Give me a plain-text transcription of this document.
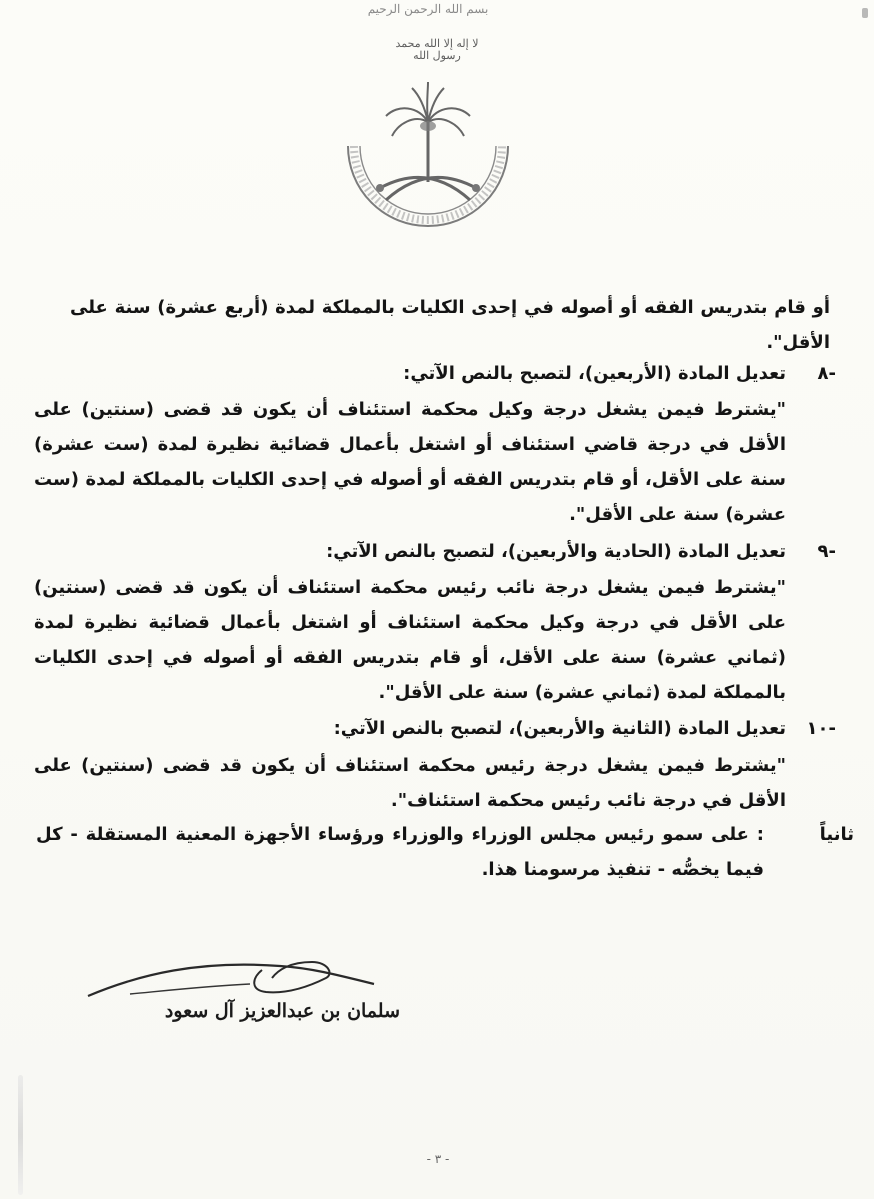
بسم الله الرحمن الرحيم
لا إله إلا الله محمد رسول الله
أو قام بتدريس الفقه أو أصوله في إحدى الكليات بالمملكة لمدة (أربع عشرة) سنة على الأقل".
-٨
تعديل المادة (الأربعين)، لتصبح بالنص الآتي:
"يشترط فيمن يشغل درجة وكيل محكمة استئناف أن يكون قد قضى (سنتين) على الأقل في درجة قاضي استئناف أو اشتغل بأعمال قضائية نظيرة لمدة (ست عشرة) سنة على الأقل، أو قام بتدريس الفقه أو أصوله في إحدى الكليات بالمملكة لمدة (ست عشرة) سنة على الأقل".
-٩
تعديل المادة (الحادية والأربعين)، لتصبح بالنص الآتي:
"يشترط فيمن يشغل درجة نائب رئيس محكمة استئناف أن يكون قد قضى (سنتين) على الأقل في درجة وكيل محكمة استئناف أو اشتغل بأعمال قضائية نظيرة لمدة (ثماني عشرة) سنة على الأقل، أو قام بتدريس الفقه أو أصوله في إحدى الكليات بالمملكة لمدة (ثماني عشرة) سنة على الأقل".
-١٠
تعديل المادة (الثانية والأربعين)، لتصبح بالنص الآتي:
"يشترط فيمن يشغل درجة رئيس محكمة استئناف أن يكون قد قضى (سنتين) على الأقل في درجة نائب رئيس محكمة استئناف".
ثانياً
: على سمو رئيس مجلس الوزراء والوزراء ورؤساء الأجهزة المعنية المستقلة - كل فيما يخصُّه - تنفيذ مرسومنا هذا.
سلمان بن عبدالعزيز آل سعود
- ٣ -
